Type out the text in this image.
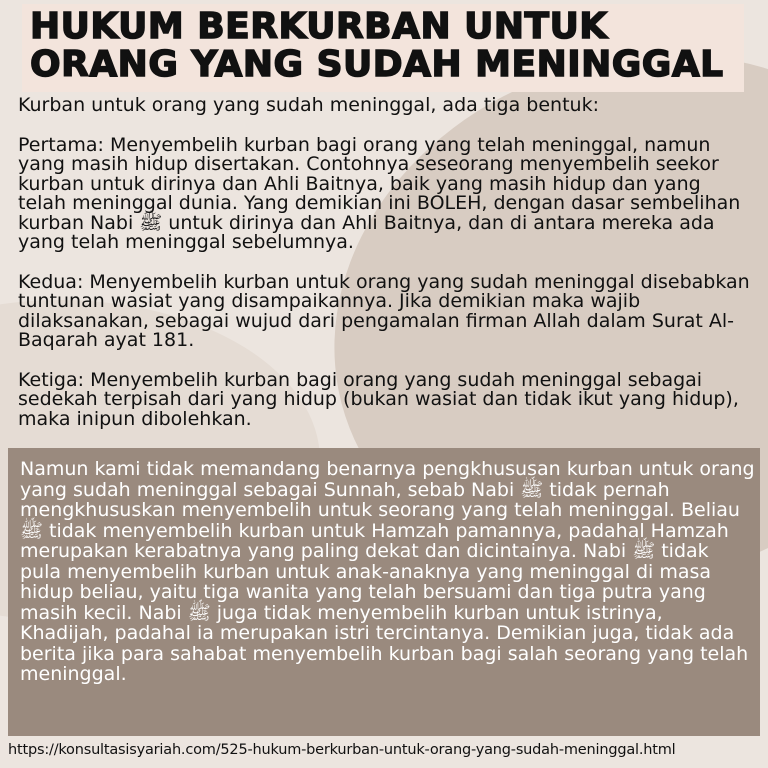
HUKUM BERKURBAN UNTUK
ORANG YANG SUDAH MENINGGAL

Kurban untuk orang yang sudah meninggal, ada tiga bentuk:

Pertama: Menyembelih kurban bagi orang yang telah meninggal, namun yang masih hidup disertakan. Contohnya seseorang menyembelih seekor kurban untuk dirinya dan Ahli Baitnya, baik yang masih hidup dan yang telah meninggal dunia. Yang demikian ini BOLEH, dengan dasar sembelihan kurban Nabi ﷺ untuk dirinya dan Ahli Baitnya, dan di antara mereka ada yang telah meninggal sebelumnya.

Kedua: Menyembelih kurban untuk orang yang sudah meninggal disebabkan tuntunan wasiat yang disampaikannya. Jika demikian maka wajib dilaksanakan, sebagai wujud dari pengamalan firman Allah dalam Surat Al-Baqarah ayat 181.

Ketiga: Menyembelih kurban bagi orang yang sudah meninggal sebagai sedekah terpisah dari yang hidup (bukan wasiat dan tidak ikut yang hidup), maka inipun dibolehkan.

Namun kami tidak memandang benarnya pengkhususan kurban untuk orang yang sudah meninggal sebagai Sunnah, sebab Nabi ﷺ tidak pernah mengkhususkan menyembelih untuk seorang yang telah meninggal. Beliau ﷺ tidak menyembelih kurban untuk Hamzah pamannya, padahal Hamzah merupakan kerabatnya yang paling dekat dan dicintainya. Nabi ﷺ tidak pula menyembelih kurban untuk anak-anaknya yang meninggal di masa hidup beliau, yaitu tiga wanita yang telah bersuami dan tiga putra yang masih kecil. Nabi ﷺ juga tidak menyembelih kurban untuk istrinya, Khadijah, padahal ia merupakan istri tercintanya. Demikian juga, tidak ada berita jika para sahabat menyembelih kurban bagi salah seorang yang telah meninggal.

https://konsultasisyariah.com/525-hukum-berkurban-untuk-orang-yang-sudah-meninggal.html
